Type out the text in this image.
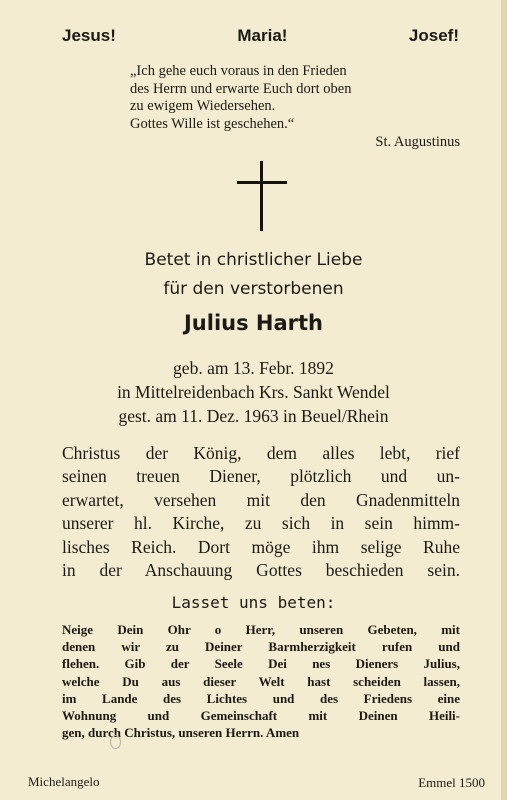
Jesus!	Maria!	Josef!
„Ich gehe euch voraus in den Frieden
des Herrn und erwarte Euch dort oben
zu ewigem Wiedersehen.
Gottes Wille ist geschehen.“
St. Augustinus
Betet in christlicher Liebe
für den verstorbenen
Julius Harth
geb. am 13. Febr. 1892
in Mittelreidenbach Krs. Sankt Wendel
gest. am 11. Dez. 1963 in Beuel/Rhein
Christus der König, dem alles lebt, rief
seinen treuen Diener, plötzlich und un-
erwartet, versehen mit den Gnadenmitteln
unserer hl. Kirche, zu sich in sein himm-
lisches Reich. Dort möge ihm selige Ruhe
in der Anschauung Gottes beschieden sein.
Lasset uns beten:
Neige Dein Ohr o Herr, unseren Gebeten, mit
denen wir zu Deiner Barmherzigkeit rufen und
flehen. Gib der Seele Dei nes Dieners Julius,
welche Du aus dieser Welt hast scheiden lassen,
im Lande des Lichtes und des Friedens eine
Wohnung und Gemeinschaft mit Deinen Heili-
gen, durch Christus, unseren Herrn. Amen
Michelangelo	Emmel 1500
